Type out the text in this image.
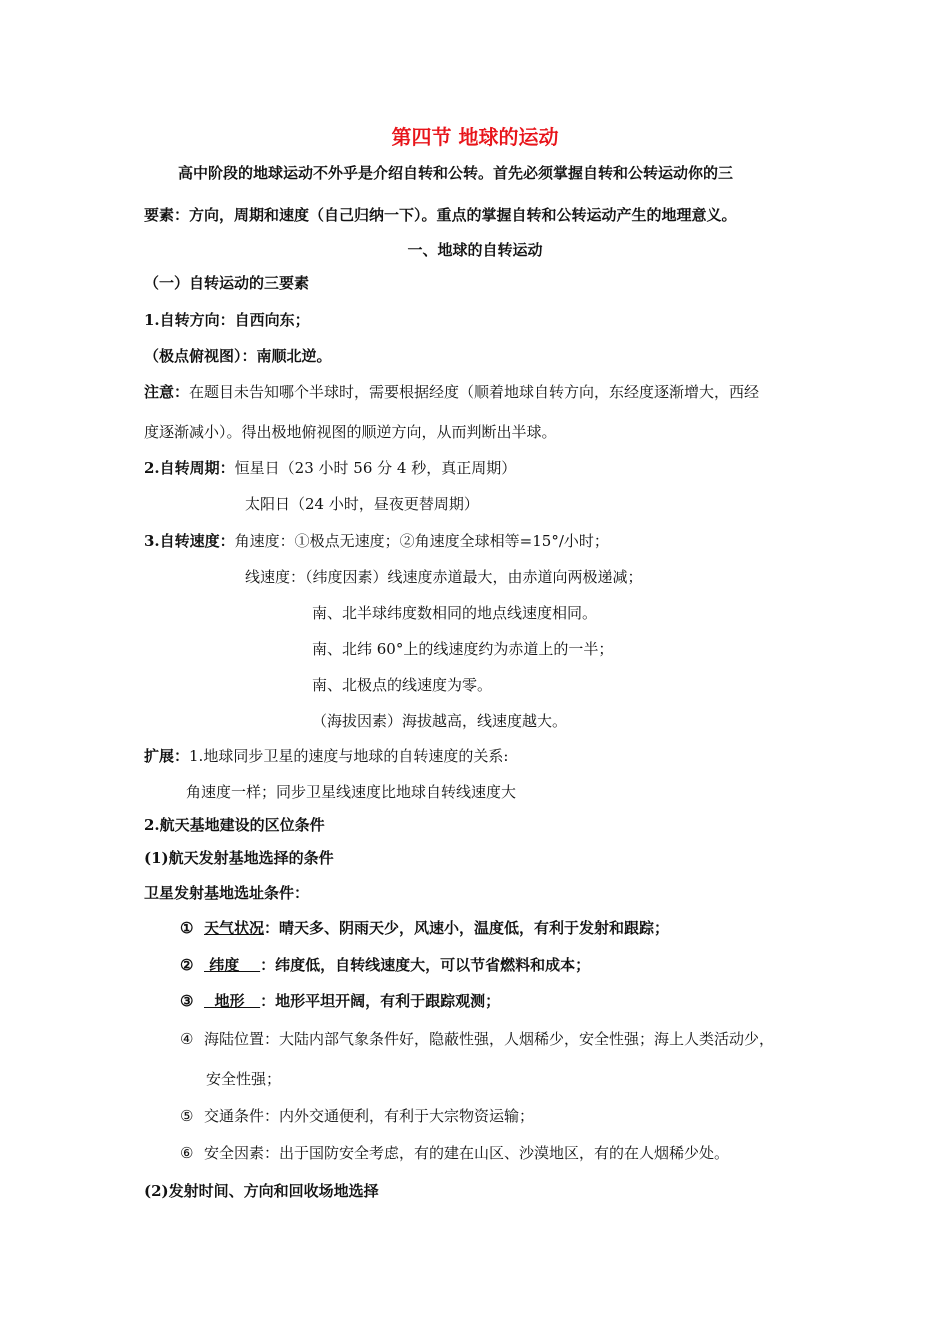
第四节 地球的运动
高中阶段的地球运动不外乎是介绍自转和公转。首先必须掌握自转和公转运动你的三
要素：方向，周期和速度（自己归纳一下）。重点的掌握自转和公转运动产生的地理意义。
一、地球的自转运动
（一）自转运动的三要素
1.自转方向：自西向东；
（极点俯视图）：南顺北逆。
注意：在题目未告知哪个半球时，需要根据经度（顺着地球自转方向，东经度逐渐增大，西经
度逐渐减小）。得出极地俯视图的顺逆方向，从而判断出半球。
2.自转周期：恒星日（23 小时 56 分 4 秒，真正周期）
太阳日（24 小时，昼夜更替周期）
3.自转速度：角速度：①极点无速度；②角速度全球相等=15°/小时；
线速度：（纬度因素）线速度赤道最大，由赤道向两极递减；
南、北半球纬度数相同的地点线速度相同。
南、北纬 60°上的线速度约为赤道上的一半；
南、北极点的线速度为零。
（海拔因素）海拔越高，线速度越大。
扩展：1.地球同步卫星的速度与地球的自转速度的关系:
角速度一样；同步卫星线速度比地球自转线速度大
2.航天基地建设的区位条件
(1)航天发射基地选择的条件
卫星发射基地选址条件：
① 天气状况：晴天多、阴雨天少，风速小，温度低，有利于发射和跟踪；
② 纬度    ：纬度低，自转线速度大，可以节省燃料和成本；
③  地形   ：地形平坦开阔，有利于跟踪观测；
④ 海陆位置：大陆内部气象条件好，隐蔽性强，人烟稀少，安全性强；海上人类活动少，
安全性强；
⑤ 交通条件：内外交通便利，有利于大宗物资运输；
⑥ 安全因素：出于国防安全考虑，有的建在山区、沙漠地区，有的在人烟稀少处。
(2)发射时间、方向和回收场地选择
